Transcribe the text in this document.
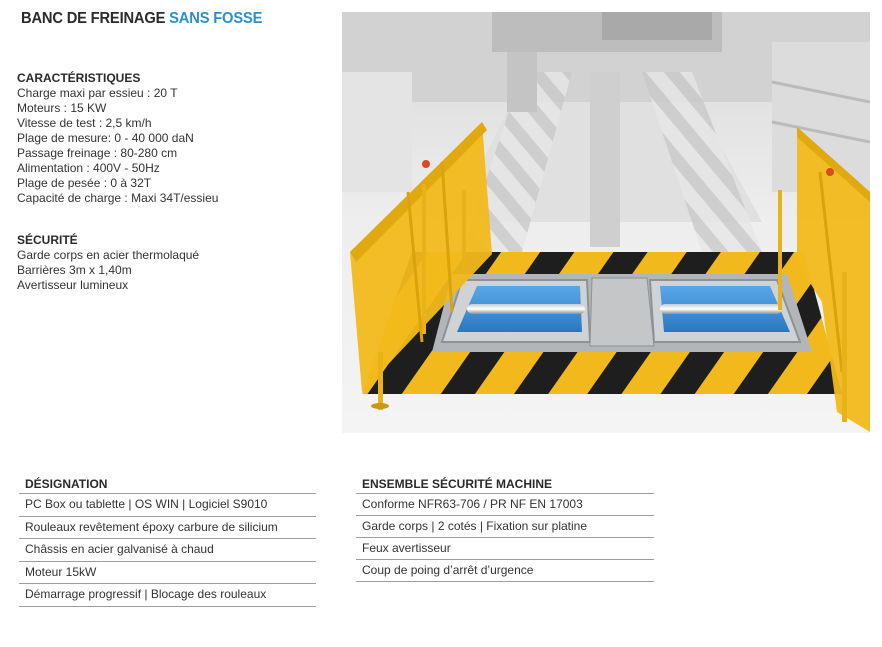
BANC DE FREINAGE SANS FOSSE
CARACTÉRISTIQUES
Charge maxi par essieu : 20 T
Moteurs : 15 KW
Vitesse de test : 2,5 km/h
Plage de mesure: 0 - 40 000 daN
Passage freinage : 80-280 cm
Alimentation : 400V - 50Hz
Plage de pesée : 0 à 32T
Capacité de charge : Maxi 34T/essieu
SÉCURITÉ
Garde corps en acier thermolaqué
Barrières 3m x 1,40m
Avertisseur lumineux
DÉSIGNATION
PC Box ou tablette | OS WIN | Logiciel S9010
Rouleaux revêtement époxy carbure de silicium
Châssis en acier galvanisé à chaud
Moteur 15kW
Démarrage progressif | Blocage des rouleaux
ENSEMBLE SÉCURITÉ MACHINE
Conforme NFR63-706 / PR NF EN 17003
Garde corps | 2 cotés | Fixation sur platine
Feux avertisseur
Coup de poing d’arrêt d’urgence
